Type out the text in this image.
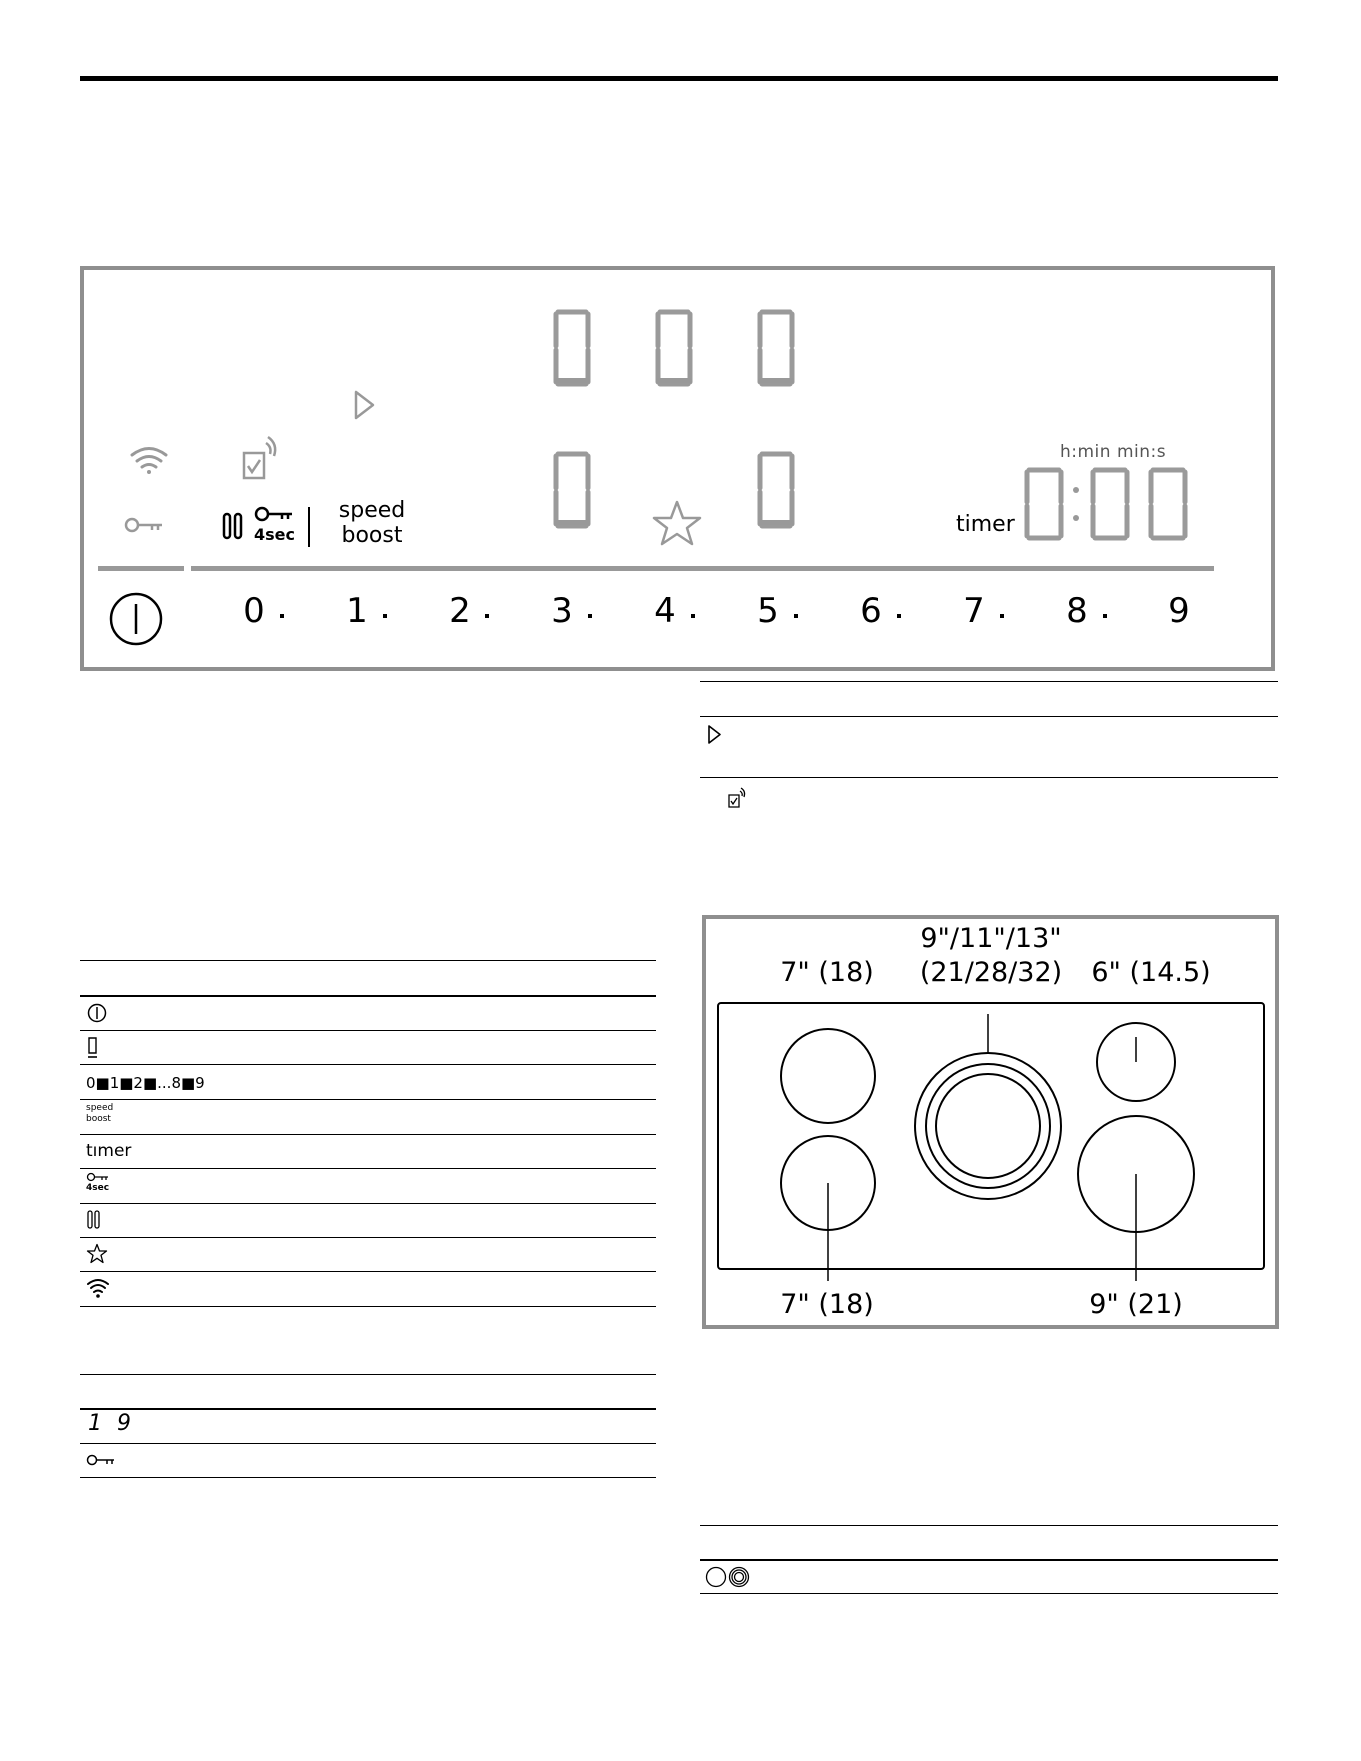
speed
boost
4sec	timer
h:min min:s
0 1 2 3 4 5 6 7 8 9
0■1■2■...8■9
speed
boost
tımer
4sec
1 9
7" (18)
9"/11"/13"
(21/28/32)	6" (14.5)
7" (18)	9" (21)
